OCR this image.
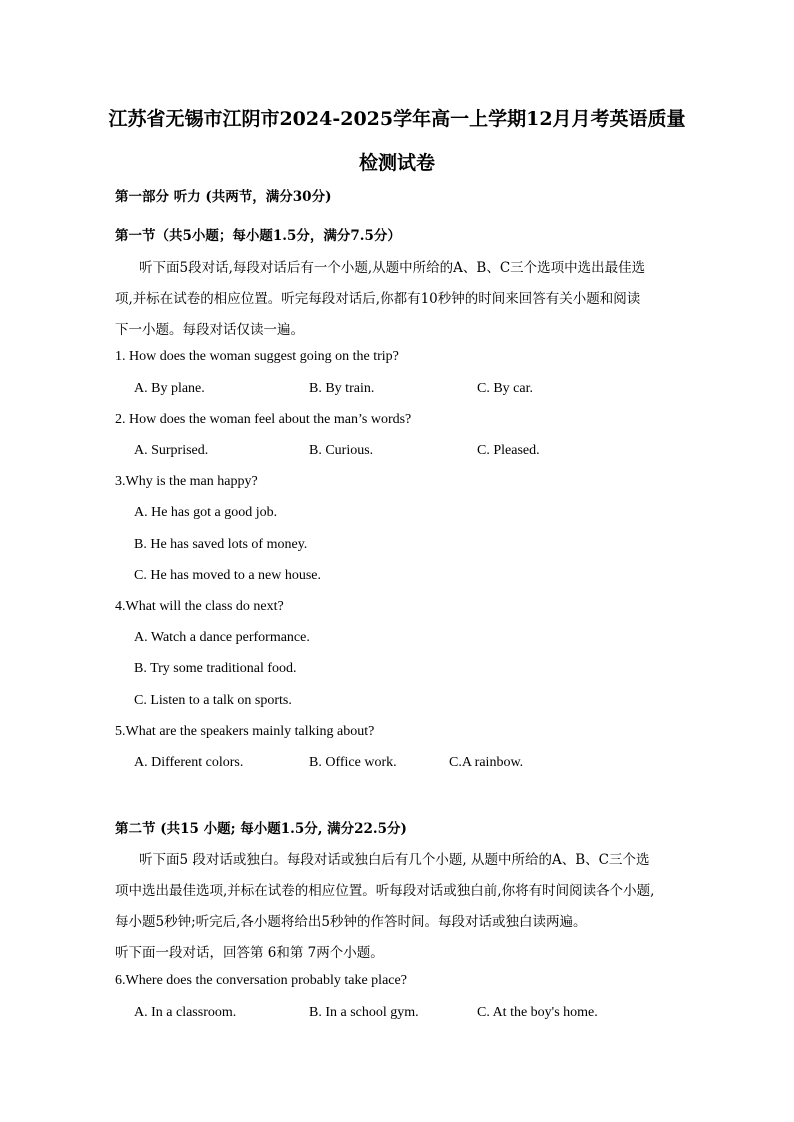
江苏省无锡市江阴市2024-2025学年高一上学期12月月考英语质量
检测试卷
第一部分 听力 (共两节，满分30分)
第一节（共5小题；每小题1.5分，满分7.5分）
听下面5段对话,每段对话后有一个小题,从题中所给的A、B、C三个选项中选出最佳选
项,并标在试卷的相应位置。听完每段对话后,你都有10秒钟的时间来回答有关小题和阅读
下一小题。每段对话仅读一遍。
1. How does the woman suggest going on the trip?
A. By plane.	B. By train.	C. By car.
2. How does the woman feel about the man’s words?
A. Surprised.	B. Curious.	C. Pleased.
3.Why is the man happy?
A. He has got a good job.
B. He has saved lots of money.
C. He has moved to a new house.
4.What will the class do next?
A. Watch a dance performance.
B. Try some traditional food.
C. Listen to a talk on sports.
5.What are the speakers mainly talking about?
A. Different colors.	B. Office work.	C.A rainbow.
第二节 (共15 小题; 每小题1.5分, 满分22.5分)
听下面5 段对话或独白。每段对话或独白后有几个小题, 从题中所给的A、B、C三个选
项中选出最佳选项,并标在试卷的相应位置。听每段对话或独白前,你将有时间阅读各个小题,
每小题5秒钟;听完后,各小题将给出5秒钟的作答时间。每段对话或独白读两遍。
听下面一段对话，回答第 6和第 7两个小题。
6.Where does the conversation probably take place?
A. In a classroom.	B. In a school gym.	C. At the boy's home.
